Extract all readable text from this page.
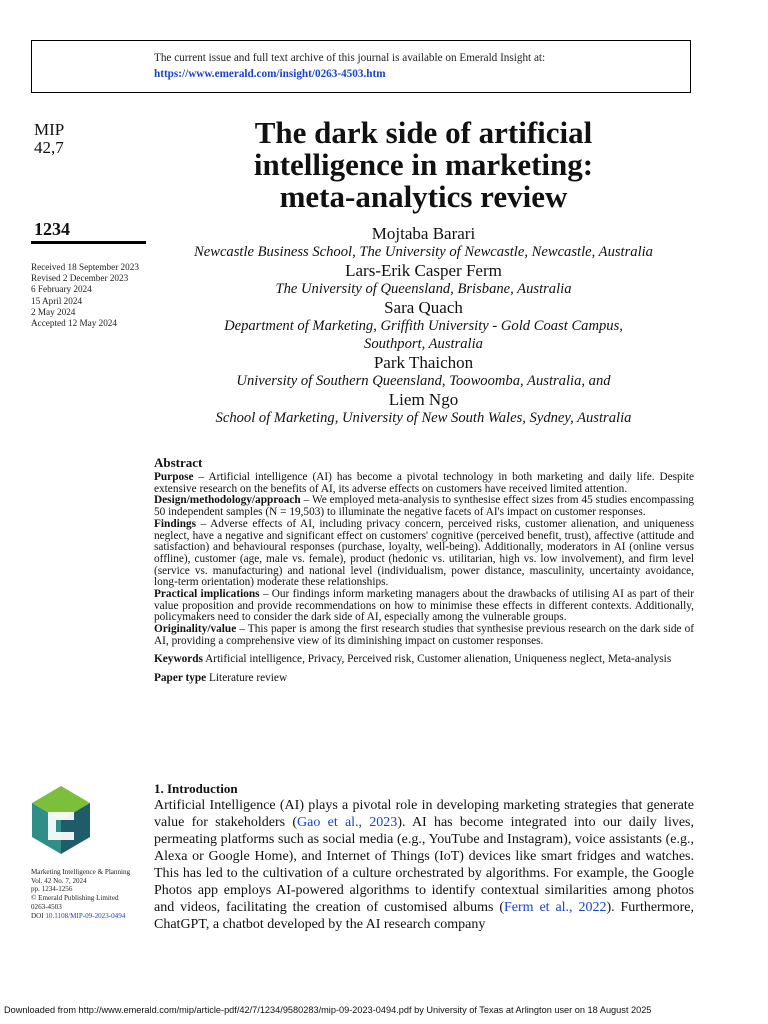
The current issue and full text archive of this journal is available on Emerald Insight at:
https://www.emerald.com/insight/0263-4503.htm
MIP
42,7
1234
Received 18 September 2023
Revised 2 December 2023
6 February 2024
15 April 2024
2 May 2024
Accepted 12 May 2024
The dark side of artificial
intelligence in marketing:
meta-analytics review
Mojtaba Barari
Newcastle Business School, The University of Newcastle, Newcastle, Australia
Lars-Erik Casper Ferm
The University of Queensland, Brisbane, Australia
Sara Quach
Department of Marketing, Griffith University - Gold Coast Campus,
Southport, Australia
Park Thaichon
University of Southern Queensland, Toowoomba, Australia, and
Liem Ngo
School of Marketing, University of New South Wales, Sydney, Australia
Abstract

Purpose – Artificial intelligence (AI) has become a pivotal technology in both marketing and daily life. Despite extensive research on the benefits of AI, its adverse effects on customers have received limited attention.

Design/methodology/approach – We employed meta-analysis to synthesise effect sizes from 45 studies encompassing 50 independent samples (N = 19,503) to illuminate the negative facets of AI's impact on customer responses.

Findings – Adverse effects of AI, including privacy concern, perceived risks, customer alienation, and uniqueness neglect, have a negative and significant effect on customers' cognitive (perceived benefit, trust), affective (attitude and satisfaction) and behavioural responses (purchase, loyalty, well-being). Additionally, moderators in AI (online versus offline), customer (age, male vs. female), product (hedonic vs. utilitarian, high vs. low involvement), and firm level (service vs. manufacturing) and national level (individualism, power distance, masculinity, uncertainty avoidance, long-term orientation) moderate these relationships.

Practical implications – Our findings inform marketing managers about the drawbacks of utilising AI as part of their value proposition and provide recommendations on how to minimise these effects in different contexts. Additionally, policymakers need to consider the dark side of AI, especially among the vulnerable groups.

Originality/value – This paper is among the first research studies that synthesise previous research on the dark side of AI, providing a comprehensive view of its diminishing impact on customer responses.

Keywords Artificial intelligence, Privacy, Perceived risk, Customer alienation, Uniqueness neglect, Meta-analysis
Paper type Literature review
Marketing Intelligence & Planning
Vol. 42 No. 7, 2024
pp. 1234-1256
© Emerald Publishing Limited
0263-4503
DOI 10.1108/MIP-09-2023-0494
1. Introduction
Artificial Intelligence (AI) plays a pivotal role in developing marketing strategies that generate value for stakeholders (Gao et al., 2023). AI has become integrated into our daily lives, permeating platforms such as social media (e.g., YouTube and Instagram), voice assistants (e.g., Alexa or Google Home), and Internet of Things (IoT) devices like smart fridges and watches. This has led to the cultivation of a culture orchestrated by algorithms. For example, the Google Photos app employs AI-powered algorithms to identify contextual similarities among photos and videos, facilitating the creation of customised albums (Ferm et al., 2022). Furthermore, ChatGPT, a chatbot developed by the AI research company
Downloaded from http://www.emerald.com/mip/article-pdf/42/7/1234/9580283/mip-09-2023-0494.pdf by University of Texas at Arlington user on 18 August 2025
